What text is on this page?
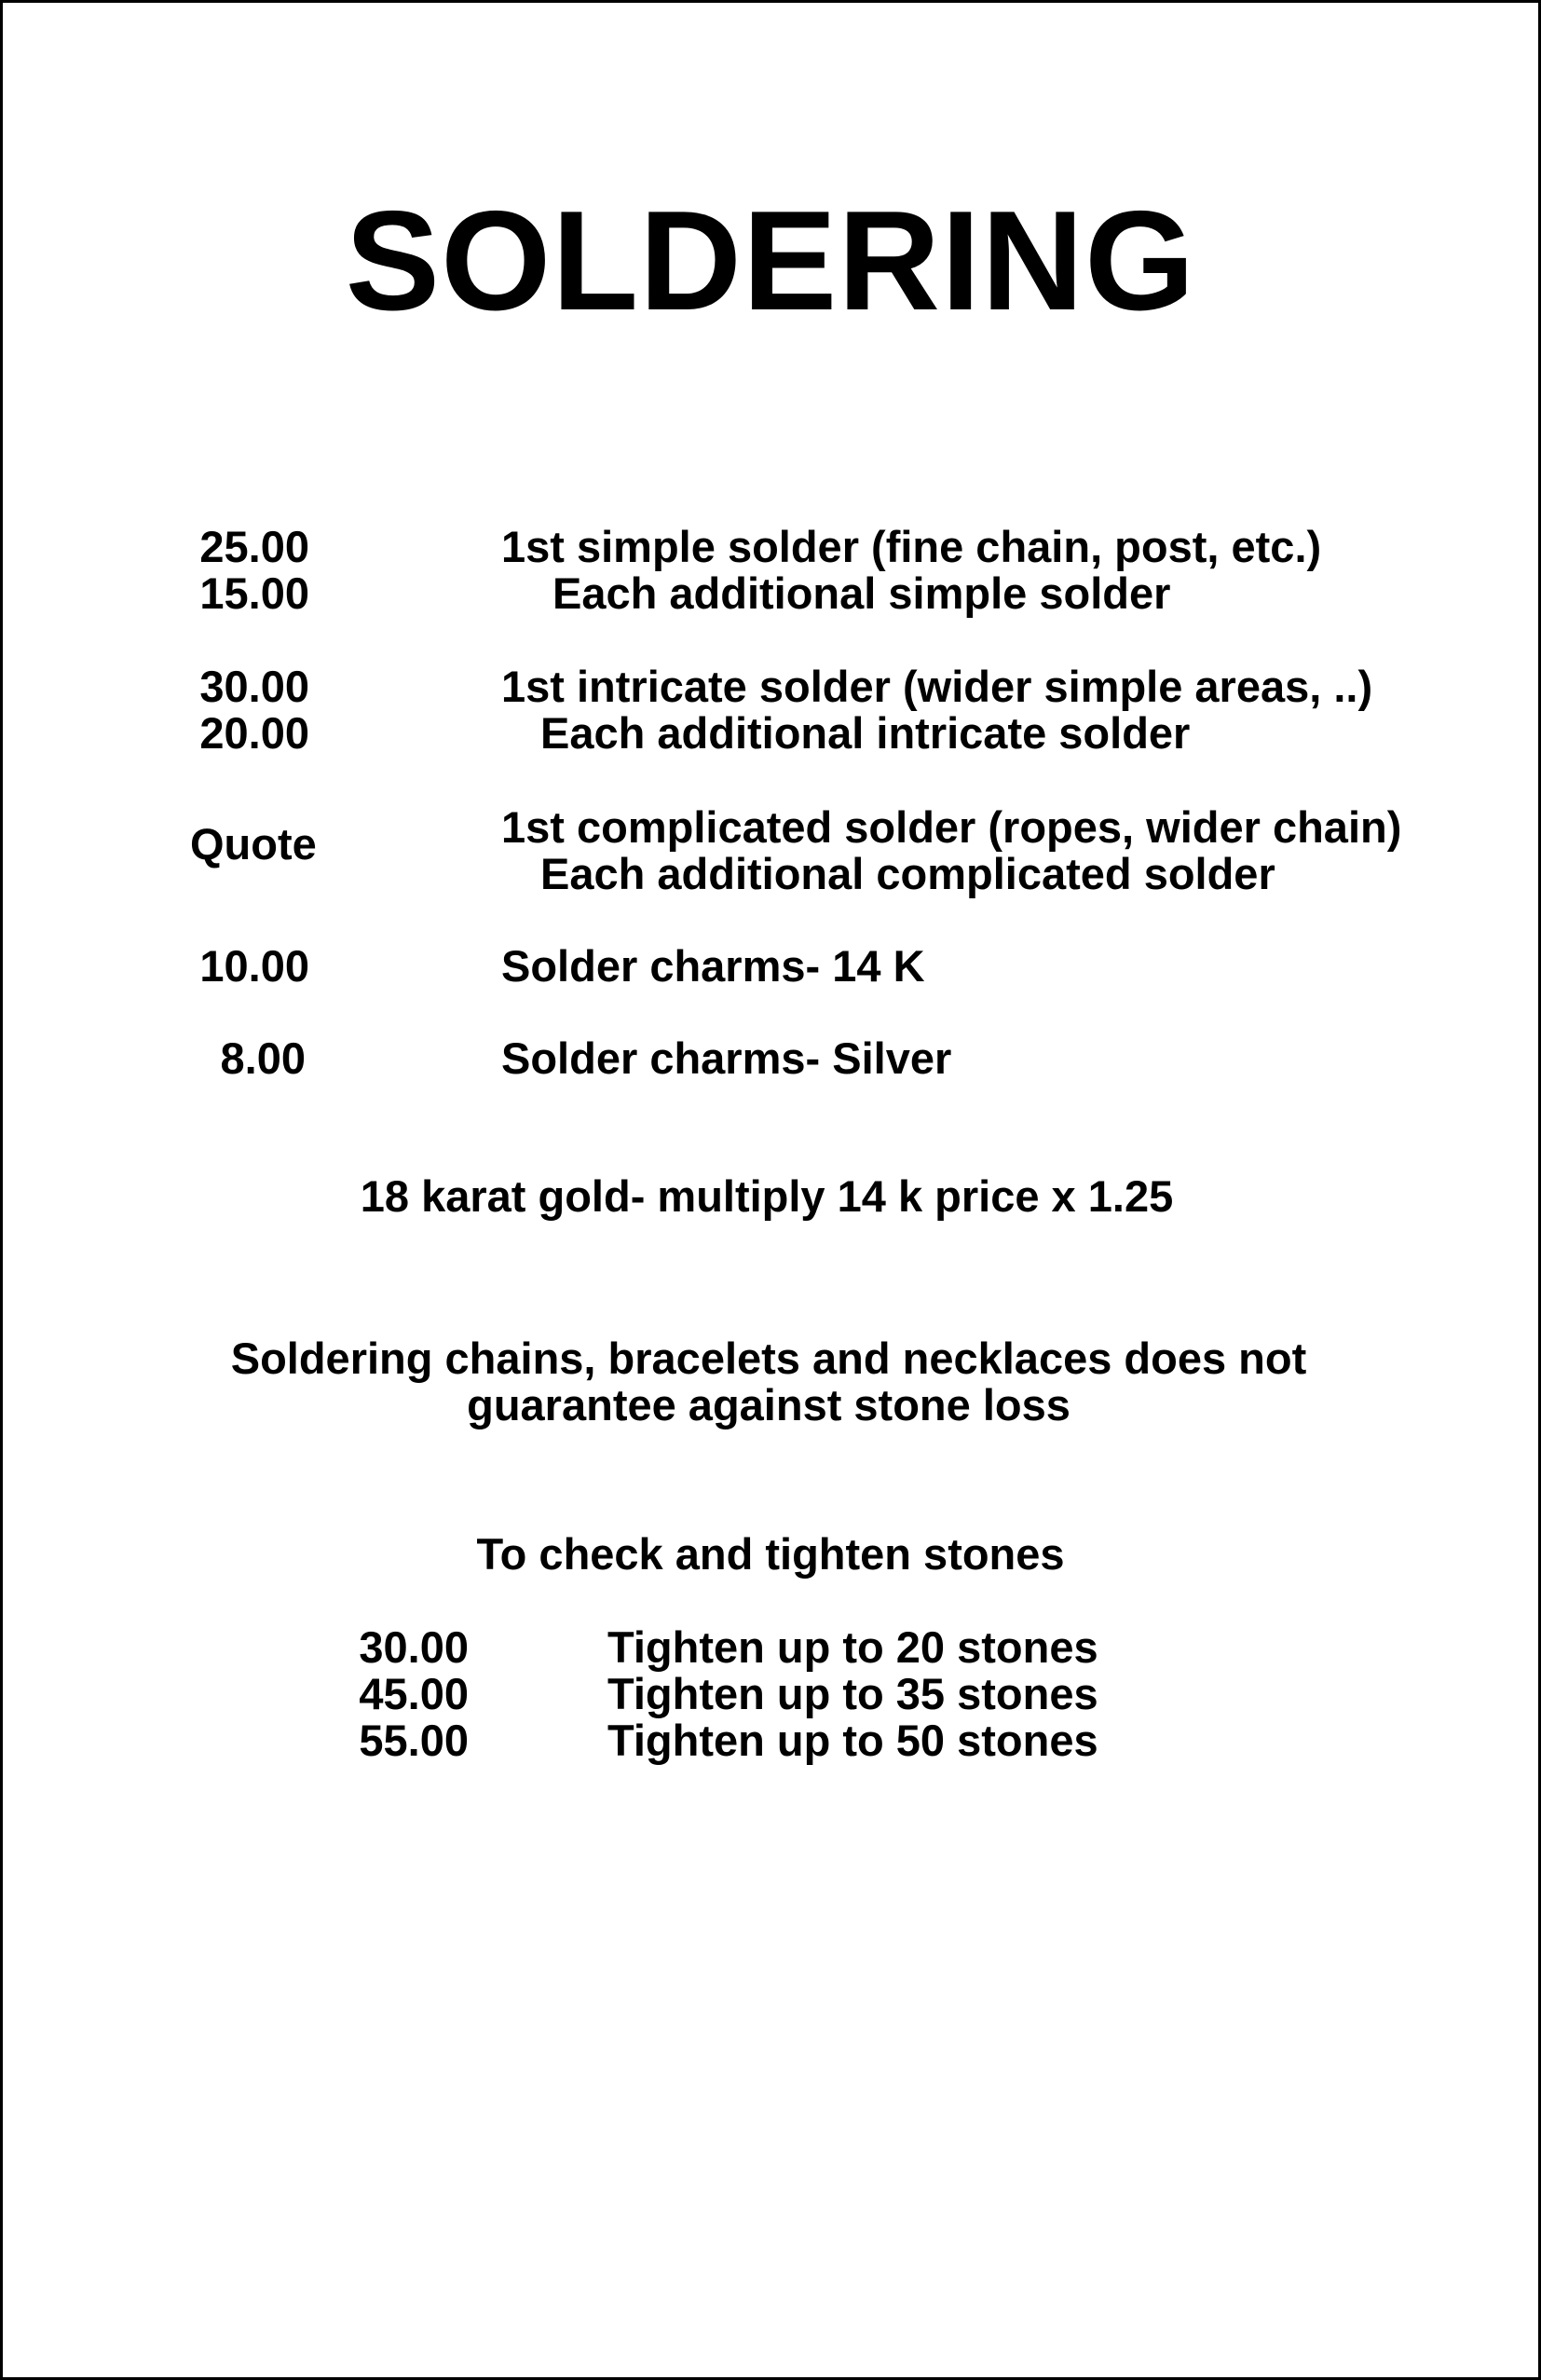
SOLDERING
25.00	1st simple solder (fine chain, post, etc.)
15.00	Each additional simple solder
30.00	1st intricate solder (wider simple areas, ..)
20.00	Each additional intricate solder
Quote	1st complicated solder (ropes, wider chain)
Each additional complicated solder
10.00	Solder charms- 14 K
8.00	Solder charms- Silver
18 karat gold- multiply 14 k price x 1.25
Soldering chains, bracelets and necklaces does not
guarantee against stone loss
To check and tighten stones
30.00	Tighten up to 20 stones
45.00	Tighten up to 35 stones
55.00	Tighten up to 50 stones
